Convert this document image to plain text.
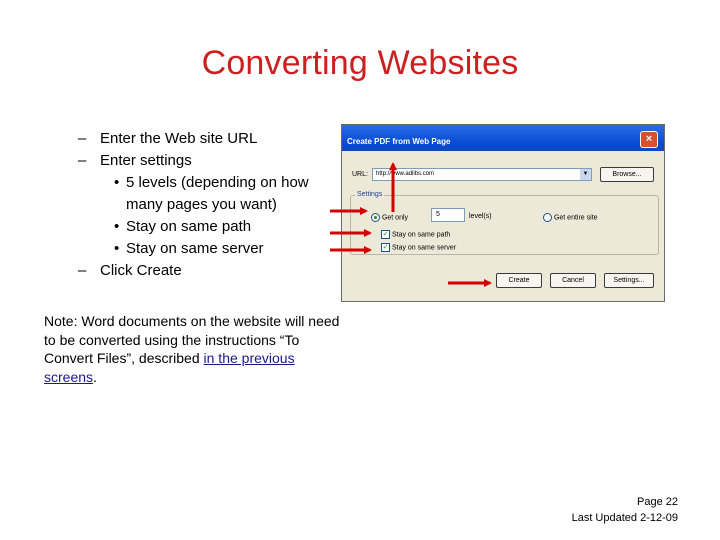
Converting Websites
– Enter the Web site URL
– Enter settings
• 5 levels (depending on how many pages you want)
• Stay on same path
• Stay on same server
– Click Create
Create PDF from Web Page	×
URL:	http://www.adlibs.com	▼	Browse...
Settings
Get only	5	level(s)	Get entire site
✓ Stay on same path
✓ Stay on same server
Create	Cancel	Settings...
Note: Word documents on the website will need to be converted using the instructions “To Convert Files”, described in the previous screens.
Page 22
Last Updated 2-12-09
